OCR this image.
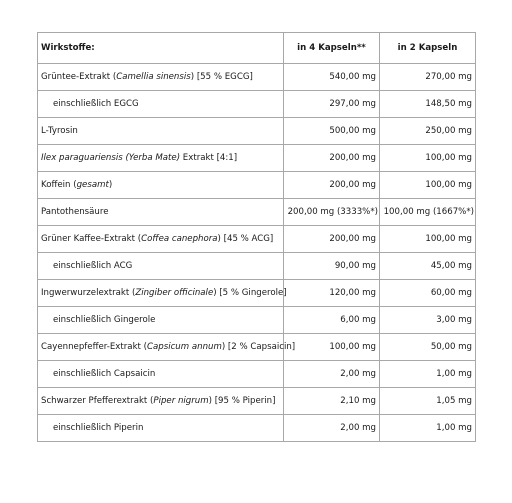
Wirkstoffe:	in 4 Kapseln**	in 2 Kapseln
Grüntee-Extrakt (Camellia sinensis) [55 % EGCG]	540,00 mg	270,00 mg
einschließlich EGCG	297,00 mg	148,50 mg
L-Tyrosin	500,00 mg	250,00 mg
Ilex paraguariensis (Yerba Mate) Extrakt [4:1]	200,00 mg	100,00 mg
Koffein (gesamt)	200,00 mg	100,00 mg
Pantothensäure	200,00 mg (3333%*)	100,00 mg (1667%*)
Grüner Kaffee-Extrakt (Coffea canephora) [45 % ACG]	200,00 mg	100,00 mg
einschließlich ACG	90,00 mg	45,00 mg
Ingwerwurzelextrakt (Zingiber officinale) [5 % Gingerole]	120,00 mg	60,00 mg
einschließlich Gingerole	6,00 mg	3,00 mg
Cayennepfeffer-Extrakt (Capsicum annum) [2 % Capsaicin]	100,00 mg	50,00 mg
einschließlich Capsaicin	2,00 mg	1,00 mg
Schwarzer Pfefferextrakt (Piper nigrum) [95 % Piperin]	2,10 mg	1,05 mg
einschließlich Piperin	2,00 mg	1,00 mg
